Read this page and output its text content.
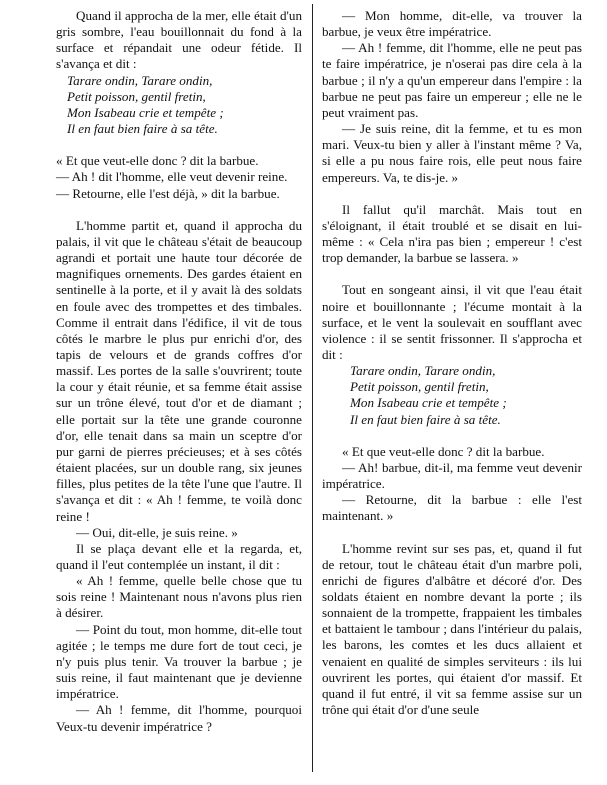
Quand il approcha de la mer, elle était d'un gris sombre, l'eau bouillonnait du fond à la surface et répandait une odeur fétide. Il s'avança et dit :

Tarare ondin, Tarare ondin,
Petit poisson, gentil fretin,
Mon Isabeau crie et tempête ;
Il en faut bien faire à sa tête.

« Et que veut-elle donc ? dit la barbue.

— Ah ! dit l'homme, elle veut devenir reine.

— Retourne, elle l'est déjà, » dit la barbue.

L'homme partit et, quand il approcha du palais, il vit que le château s'était de beaucoup agrandi et portait une haute tour décorée de magnifiques ornements. Des gardes étaient en sentinelle à la porte, et il y avait là des soldats en foule avec des trompettes et des timbales. Comme il entrait dans l'édifice, il vit de tous côtés le marbre le plus pur enrichi d'or, des tapis de velours et de grands coffres d'or massif. Les portes de la salle s'ouvrirent; toute la cour y était réunie, et sa femme était assise sur un trône élevé, tout d'or et de diamant ; elle portait sur la tête une grande couronne d'or, elle tenait dans sa main un sceptre d'or pur garni de pierres précieuses; et à ses côtés étaient placées, sur un double rang, six jeunes filles, plus petites de la tête l'une que l'autre. Il s'avança et dit : « Ah ! femme, te voilà donc reine !

— Oui, dit-elle, je suis reine. »

Il se plaça devant elle et la regarda, et, quand il l'eut contemplée un instant, il dit :

« Ah ! femme, quelle belle chose que tu sois reine ! Maintenant nous n'avons plus rien à désirer.

— Point du tout, mon homme, dit-elle tout agitée ; le temps me dure fort de tout ceci, je n'y puis plus tenir. Va trouver la barbue ; je suis reine, il faut maintenant que je devienne impératrice.

— Ah ! femme, dit l'homme, pourquoi Veux-tu devenir impératrice ?

— Mon homme, dit-elle, va trouver la barbue, je veux être impératrice.

— Ah ! femme, dit l'homme, elle ne peut pas te faire impératrice, je n'oserai pas dire cela à la barbue ; il n'y a qu'un empereur dans l'empire : la barbue ne peut pas faire un empereur ; elle ne le peut vraiment pas.

— Je suis reine, dit la femme, et tu es mon mari. Veux-tu bien y aller à l'instant même ? Va, si elle a pu nous faire rois, elle peut nous faire empereurs. Va, te dis-je. »

Il fallut qu'il marchât. Mais tout en s'éloignant, il était troublé et se disait en lui-même : « Cela n'ira pas bien ; empereur ! c'est trop demander, la barbue se lassera. »

Tout en songeant ainsi, il vit que l'eau était noire et bouillonnante ; l'écume montait à la surface, et le vent la soulevait en soufflant avec violence : il se sentit frissonner. Il s'approcha et dit :

Tarare ondin, Tarare ondin,
Petit poisson, gentil fretin,
Mon Isabeau crie et tempête ;
Il en faut bien faire à sa tête.

« Et que veut-elle donc ? dit la barbue.

— Ah! barbue, dit-il, ma femme veut devenir impératrice.

— Retourne, dit la barbue : elle l'est maintenant. »

L'homme revint sur ses pas, et, quand il fut de retour, tout le château était d'un marbre poli, enrichi de figures d'albâtre et décoré d'or. Des soldats étaient en nombre devant la porte ; ils sonnaient de la trompette, frappaient les timbales et battaient le tambour ; dans l'intérieur du palais, les barons, les comtes et les ducs allaient et venaient en qualité de simples serviteurs : ils lui ouvrirent les portes, qui étaient d'or massif. Et quand il fut entré, il vit sa femme assise sur un trône qui était d'or d'une seule
